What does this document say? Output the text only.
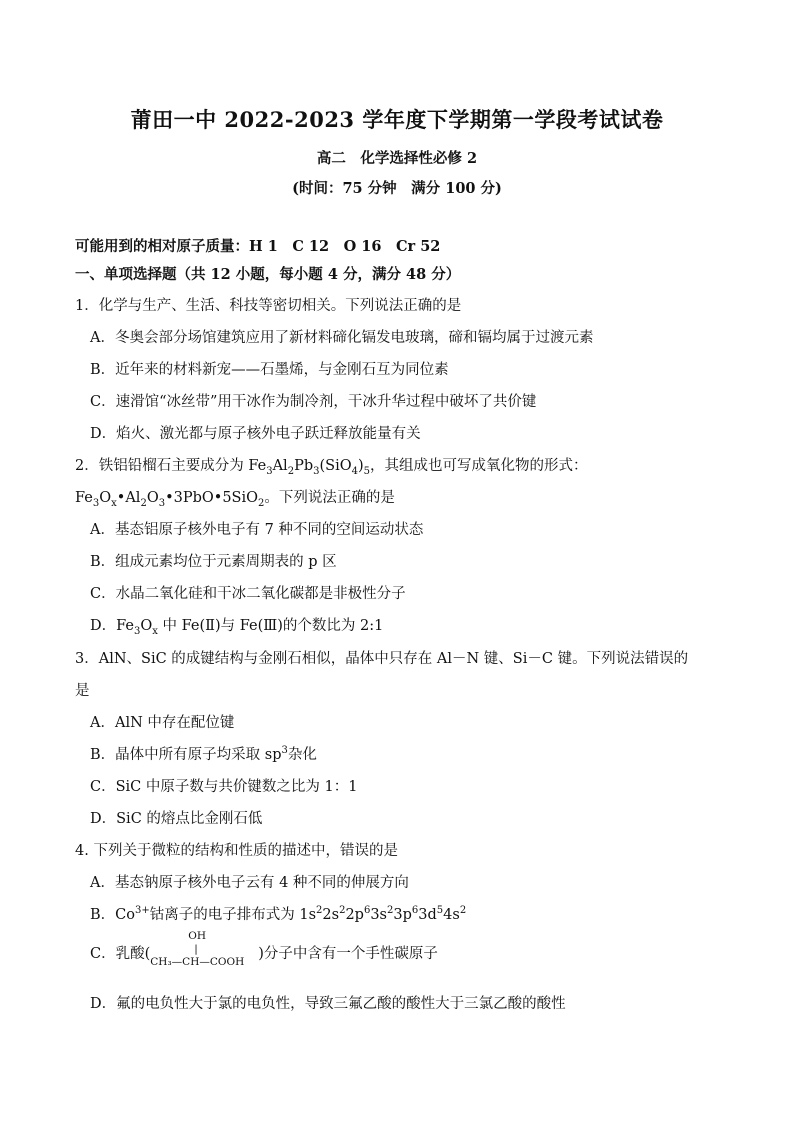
莆田一中 2022-2023 学年度下学期第一学段考试试卷
高二　化学选择性必修 2
(时间：75 分钟　满分 100 分)
可能用到的相对原子质量：H 1　C 12　O 16　Cr 52
一、单项选择题（共 12 小题，每小题 4 分，满分 48 分）
1．化学与生产、生活、科技等密切相关。下列说法正确的是
A．冬奥会部分场馆建筑应用了新材料碲化镉发电玻璃，碲和镉均属于过渡元素
B．近年来的材料新宠——石墨烯，与金刚石互为同位素
C．速滑馆“冰丝带”用干冰作为制冷剂，干冰升华过程中破坏了共价键
D．焰火、激光都与原子核外电子跃迁释放能量有关
2．铁铝铅榴石主要成分为 $Fe_3Al_2Pb_3(SiO_4)_5$，其组成也可写成氧化物的形式：
$Fe_3O_x•Al_2O_3•3PbO•5SiO_2$。下列说法正确的是
A．基态铝原子核外电子有 7 种不同的空间运动状态
B．组成元素均位于元素周期表的 p 区
C．水晶二氧化硅和干冰二氧化碳都是非极性分子
D．$Fe_3O_x$ 中 Fe(Ⅱ)与 Fe(Ⅲ)的个数比为 2:1
3．AlN、SiC 的成键结构与金刚石相似，晶体中只存在 Al－N 键、Si－C 键。下列说法错误的
是
A．AlN 中存在配位键
B．晶体中所有原子均采取 $sp^3$杂化
C．SiC 中原子数与共价键数之比为 1：1
D．SiC 的熔点比金刚石低
4. 下列关于微粒的结构和性质的描述中，错误的是
A．基态钠原子核外电子云有 4 种不同的伸展方向
B．$Co^{3+}$钴离子的电子排布式为 $1s^22s^22p^63s^23p^63d^54s^2$
C．乳酸(
OH
|
CH₃—CH—COOH )分子中含有一个手性碳原子
D．氟的电负性大于氯的电负性，导致三氟乙酸的酸性大于三氯乙酸的酸性
